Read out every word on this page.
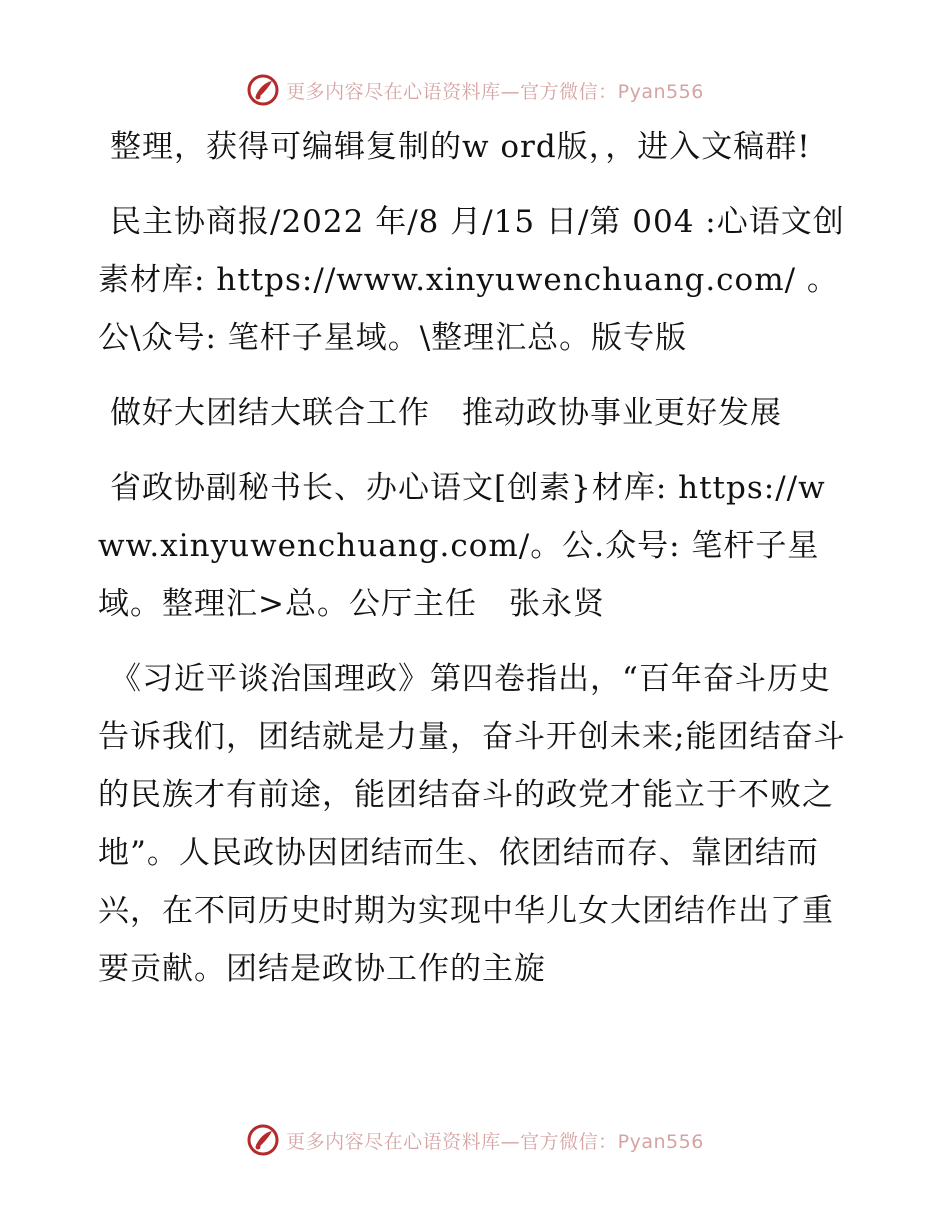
更多内容尽在心语资料库—官方微信：Pyan556

整理，获得可编辑复制的w ord版，，进入文稿群!

民主协商报/2022 年/8 月/15 日/第 004 :心语文创素材库: https://www.xinyuwenchuang.com/ 。公\众号: 笔杆子星域。\整理汇总。版专版

做好大团结大联合工作　推动政协事业更好发展

省政协副秘书长、办心语文[创素}材库: https://www.xinyuwenchuang.com/。公.众号: 笔杆子星域。整理汇>总。公厅主任　张永贤

《习近平谈治国理政》第四卷指出，“百年奋斗历史告诉我们，团结就是力量，奋斗开创未来;能团结奋斗的民族才有前途，能团结奋斗的政党才能立于不败之地”。人民政协因团结而生、依团结而存、靠团结而兴，在不同历史时期为实现中华儿女大团结作出了重要贡献。团结是政协工作的主旋

更多内容尽在心语资料库—官方微信：Pyan556
